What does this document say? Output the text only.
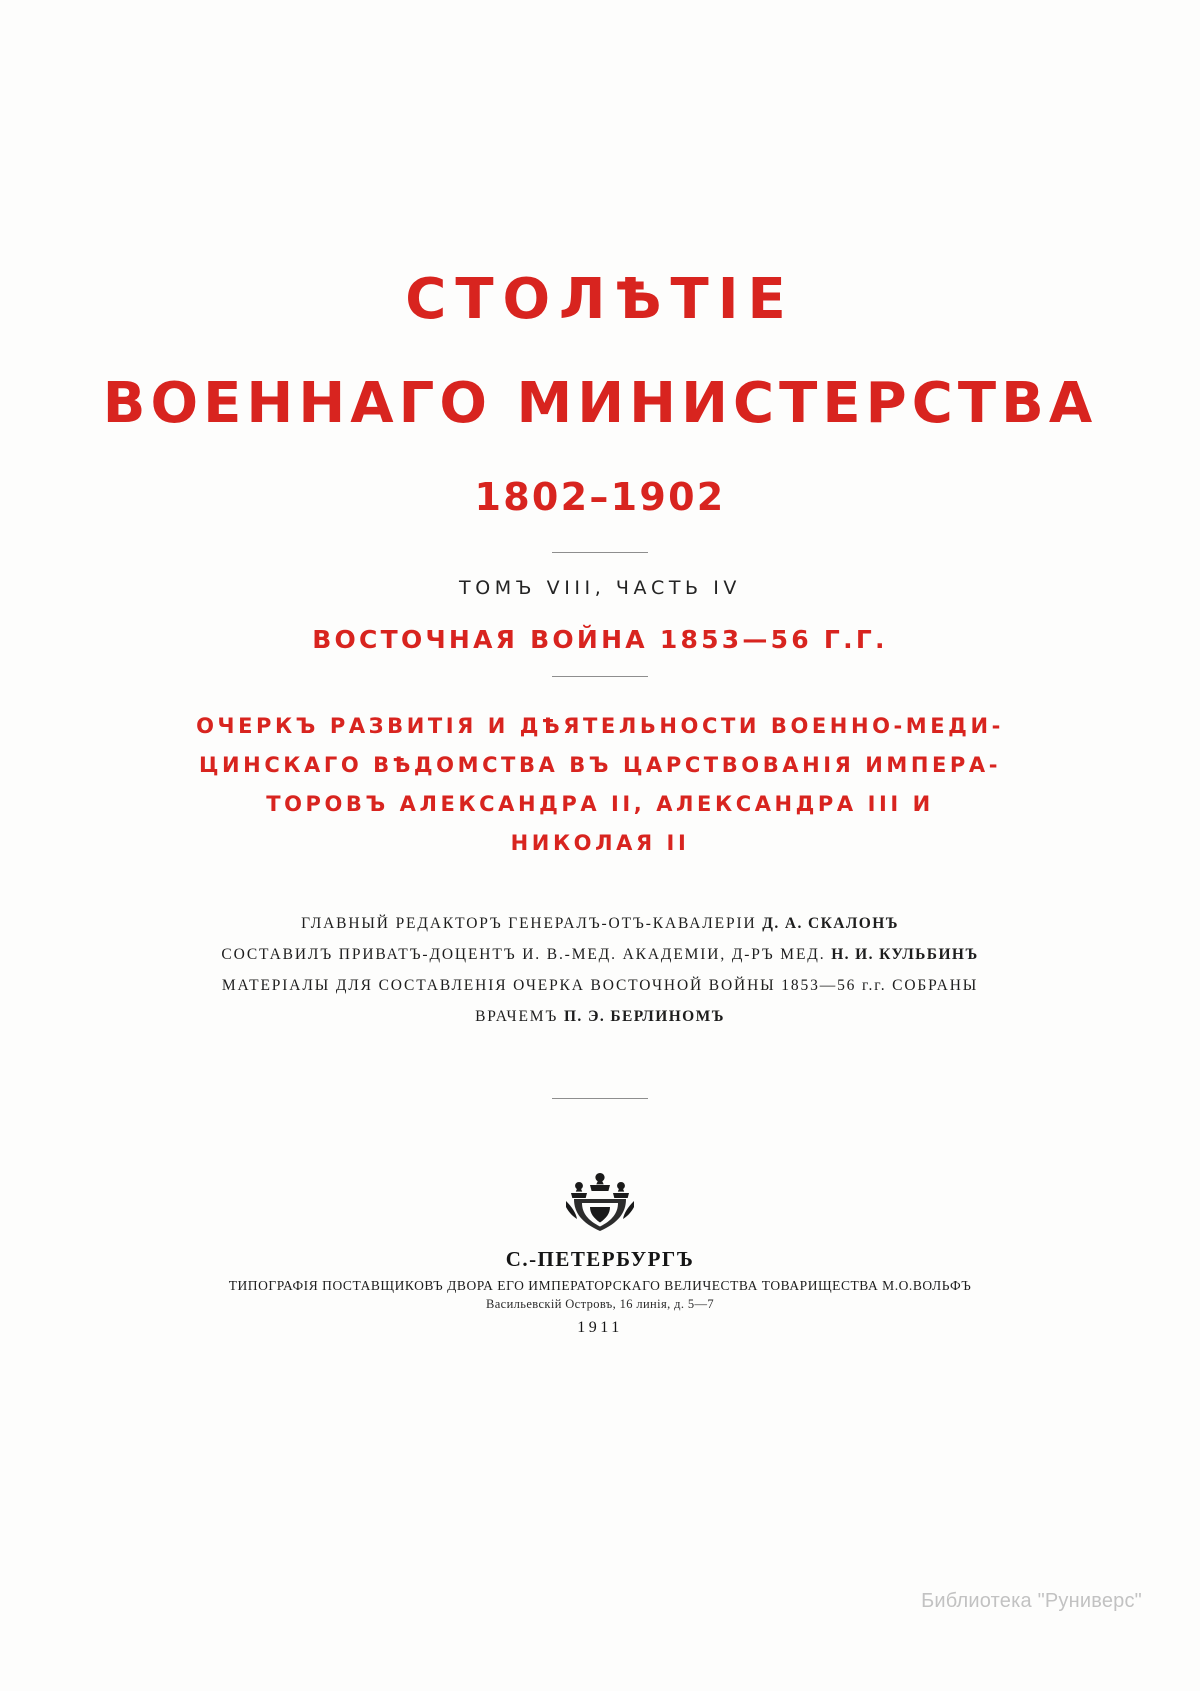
СТОЛѢТIЕ
ВОЕННАГО МИНИСТЕРСТВА
1802–1902
ТОМЪ VIII, ЧАСТЬ IV
ВОСТОЧНАЯ ВОЙНА 1853—56 Г.Г.
ОЧЕРКЪ РАЗВИТIЯ И ДѢЯТЕЛЬНОСТИ ВОЕННО-МЕДИ-
ЦИНСКАГО ВѢДОМСТВА ВЪ ЦАРСТВОВАНIЯ ИМПЕРА-
ТОРОВЪ АЛЕКСАНДРА II, АЛЕКСАНДРА III И
НИКОЛАЯ II
ГЛАВНЫЙ РЕДАКТОРЪ ГЕНЕРАЛЪ-ОТЪ-КАВАЛЕРIИ Д. А. СКАЛОНЪ
СОСТАВИЛЪ ПРИВАТЪ-ДОЦЕНТЪ И. В.-МЕД. АКАДЕМIИ, Д-РЪ МЕД. Н. И. КУЛЬБИНЪ
МАТЕРIАЛЫ ДЛЯ СОСТАВЛЕНIЯ ОЧЕРКА ВОСТОЧНОЙ ВОЙНЫ 1853—56 г.г. СОБРАНЫ
ВРАЧЕМЪ П. Э. БЕРЛИНОМЪ
С.-ПЕТЕРБУРГЪ
ТИПОГРАФIЯ ПОСТАВЩИКОВЪ ДВОРА ЕГО ИМПЕРАТОРСКАГО ВЕЛИЧЕСТВА ТОВАРИЩЕСТВА М.О.ВОЛЬФЪ
Васильевскiй Островъ, 16 линiя, д. 5—7
1911
Библиотека "Руниверс"
